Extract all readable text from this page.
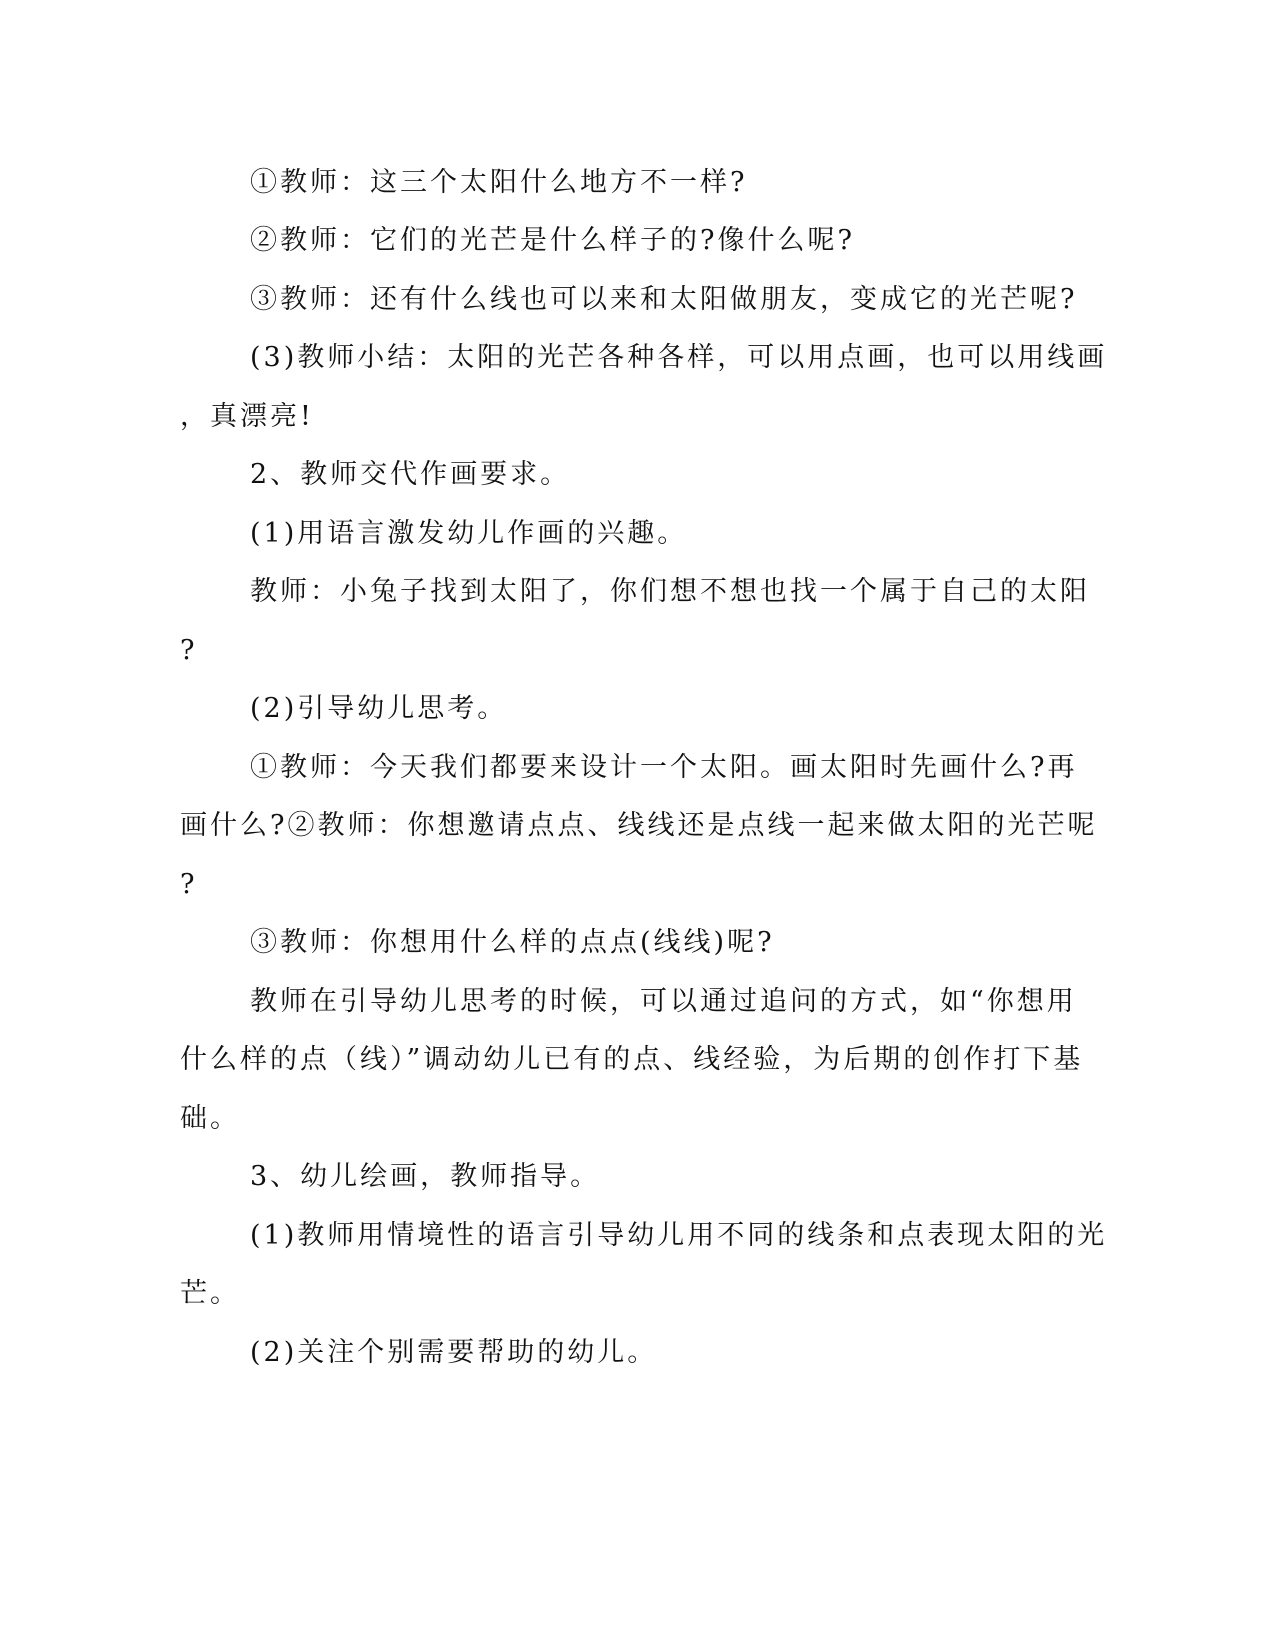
①教师：这三个太阳什么地方不一样?
②教师：它们的光芒是什么样子的?像什么呢?
③教师：还有什么线也可以来和太阳做朋友，变成它的光芒呢?
(3)教师小结：太阳的光芒各种各样，可以用点画，也可以用线画
，真漂亮!
2、教师交代作画要求。
(1)用语言激发幼儿作画的兴趣。
教师：小兔子找到太阳了，你们想不想也找一个属于自己的太阳
?
(2)引导幼儿思考。
①教师：今天我们都要来设计一个太阳。画太阳时先画什么?再
画什么?②教师：你想邀请点点、线线还是点线一起来做太阳的光芒呢
?
③教师：你想用什么样的点点(线线)呢?
教师在引导幼儿思考的时候，可以通过追问的方式，如“你想用
什么样的点（线）”调动幼儿已有的点、线经验，为后期的创作打下基
础。
3、幼儿绘画，教师指导。
(1)教师用情境性的语言引导幼儿用不同的线条和点表现太阳的光
芒。
(2)关注个别需要帮助的幼儿。
